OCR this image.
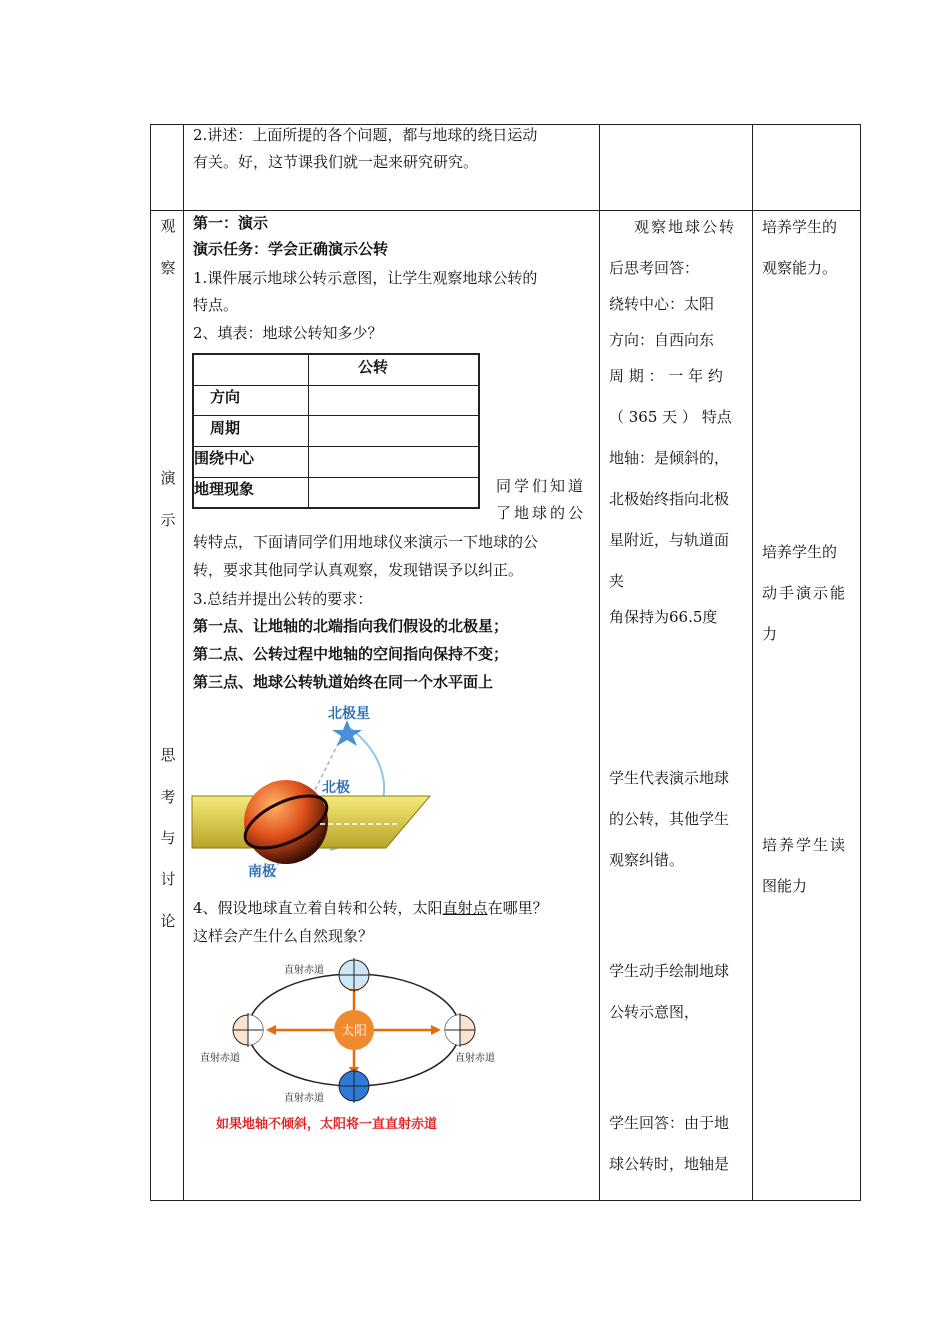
2.讲述：上面所提的各个问题，都与地球的绕日运动
有关。好，这节课我们就一起来研究研究。
观
察
演
示
思
考
与
讨
论
第一：演示
演示任务：学会正确演示公转
1.课件展示地球公转示意图，让学生观察地球公转的
特点。
2、填表：地球公转知多少？
公转
方向
周期
围绕中心
地理现象	同学们知道
了地球的公
转特点，下面请同学们用地球仪来演示一下地球的公
转，要求其他同学认真观察，发现错误予以纠正。
3.总结并提出公转的要求：
第一点、让地轴的北端指向我们假设的北极星；
第二点、公转过程中地轴的空间指向保持不变；
第三点、地球公转轨道始终在同一个水平面上
北极星
北极
南极
4、假设地球直立着自转和公转，太阳直射点在哪里？
这样会产生什么自然现象？
太阳
直射赤道
直射赤道	直射赤道
直射赤道
如果地轴不倾斜，太阳将一直直射赤道
观察地球公转
后思考回答：
绕转中心：太阳
方向：自西向东
周 期 ： 一 年 约
（ 365 天 ） 特点
地轴：是倾斜的，
北极始终指向北极
星附近，与轨道面
夹
角保持为66.5度
学生代表演示地球
的公转，其他学生
观察纠错。
学生动手绘制地球
公转示意图，
学生回答：由于地
球公转时，地轴是
培养学生的
观察能力。
培养学生的
动手演示能
力
培养学生读
图能力
